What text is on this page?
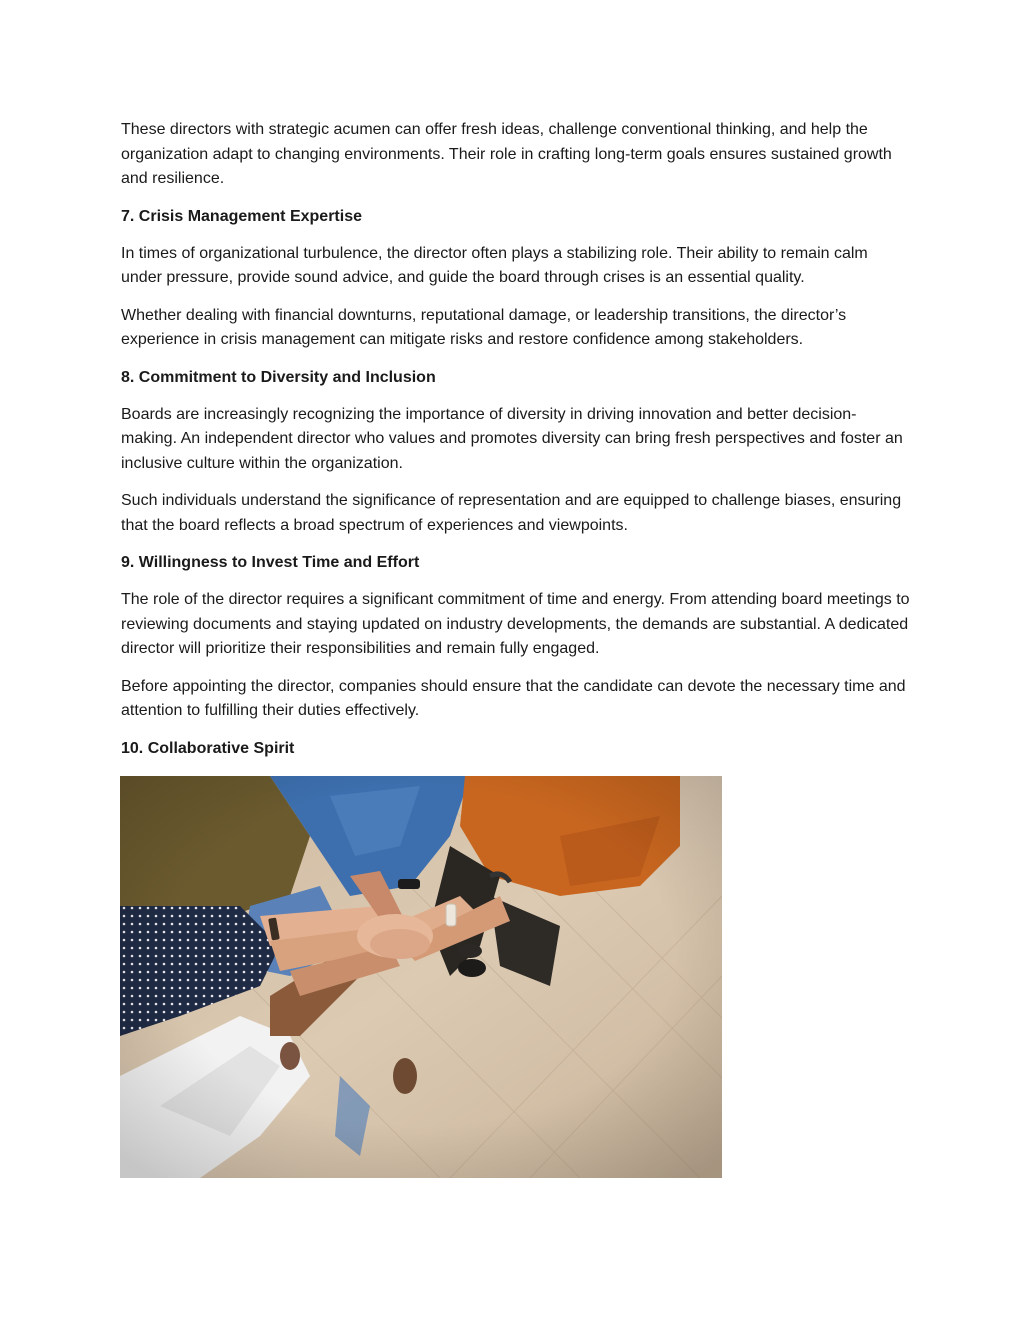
These directors with strategic acumen can offer fresh ideas, challenge conventional thinking, and help the organization adapt to changing environments. Their role in crafting long-term goals ensures sustained growth and resilience.

7. Crisis Management Expertise

In times of organizational turbulence, the director often plays a stabilizing role. Their ability to remain calm under pressure, provide sound advice, and guide the board through crises is an essential quality.

Whether dealing with financial downturns, reputational damage, or leadership transitions, the director’s experience in crisis management can mitigate risks and restore confidence among stakeholders.

8. Commitment to Diversity and Inclusion

Boards are increasingly recognizing the importance of diversity in driving innovation and better decision-making. An independent director who values and promotes diversity can bring fresh perspectives and foster an inclusive culture within the organization.

Such individuals understand the significance of representation and are equipped to challenge biases, ensuring that the board reflects a broad spectrum of experiences and viewpoints.

9. Willingness to Invest Time and Effort

The role of the director requires a significant commitment of time and energy. From attending board meetings to reviewing documents and staying updated on industry developments, the demands are substantial. A dedicated director will prioritize their responsibilities and remain fully engaged.

Before appointing the director, companies should ensure that the candidate can devote the necessary time and attention to fulfilling their duties effectively.

10. Collaborative Spirit
